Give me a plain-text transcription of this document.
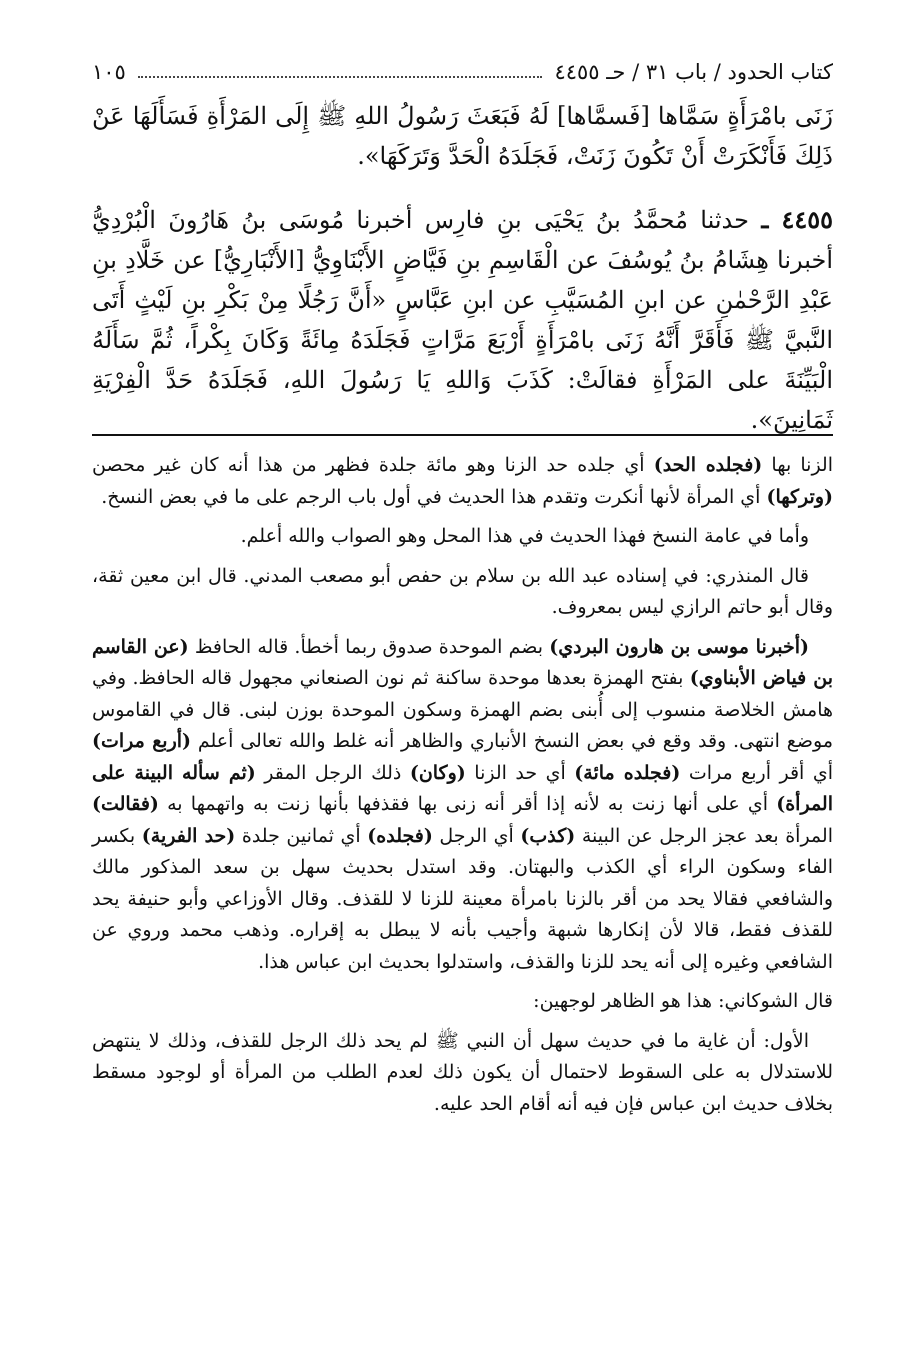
كتاب الحدود / باب ٣١ / حـ ٤٤٥٥
١٠٥

زَنَى بامْرَأَةٍ سَمَّاها [فَسمَّاها] لَهُ فَبَعَثَ رَسُولُ اللهِ ﷺ إِلَى المَرْأَةِ فَسَأَلَهَا عَنْ ذَلِكَ فَأَنْكَرَتْ أَنْ تَكُونَ زَنَتْ، فَجَلَدَهُ الْحَدَّ وَتَرَكَهَا».

٤٤٥٥ ـ حدثنا مُحمَّدُ بنُ يَحْيَى بنِ فارِس أخبرنا مُوسَى بنُ هَارُونَ الْبُرْدِيُّ أخبرنا هِشَامُ بنُ يُوسُفَ عن الْقَاسِمِ بنِ فَيَّاضٍ الأَبْنَاوِيُّ [الأَنْبَارِيُّ] عن خَلَّادِ بنِ عَبْدِ الرَّحْمٰنِ عن ابنِ المُسَيَّبِ عن ابنِ عَبَّاسٍ «أَنَّ رَجُلًا مِنْ بَكْرِ بنِ لَيْثٍ أَتَى النَّبيَّ ﷺ فَأَقَرَّ أَنَّهُ زَنَى بامْرَأَةٍ أَرْبَعَ مَرَّاتٍ فَجَلَدَهُ مِائَةً وَكَانَ بِكْراً، ثُمَّ سَأَلَهُ الْبَيِّنَةَ على المَرْأَةِ فقالَتْ: كَذَبَ وَاللهِ يَا رَسُولَ اللهِ، فَجَلَدَهُ حَدَّ الْفِرْيَةِ ثَمَانِينَ».

الزنا بها (فجلده الحد) أي جلده حد الزنا وهو مائة جلدة فظهر من هذا أنه كان غير محصن (وتركها) أي المرأة لأنها أنكرت وتقدم هذا الحديث في أول باب الرجم على ما في بعض النسخ.

وأما في عامة النسخ فهذا الحديث في هذا المحل وهو الصواب والله أعلم.

قال المنذري: في إسناده عبد الله بن سلام بن حفص أبو مصعب المدني. قال ابن معين ثقة، وقال أبو حاتم الرازي ليس بمعروف.

(أخبرنا موسى بن هارون البردي) بضم الموحدة صدوق ربما أخطأ. قاله الحافظ (عن القاسم بن فياض الأبناوي) بفتح الهمزة بعدها موحدة ساكنة ثم نون الصنعاني مجهول قاله الحافظ. وفي هامش الخلاصة منسوب إلى أُبنى بضم الهمزة وسكون الموحدة بوزن لبنى. قال في القاموس موضع انتهى. وقد وقع في بعض النسخ الأنباري والظاهر أنه غلط والله تعالى أعلم (أربع مرات) أي أقر أربع مرات (فجلده مائة) أي حد الزنا (وكان) ذلك الرجل المقر (ثم سأله البينة على المرأة) أي على أنها زنت به لأنه إذا أقر أنه زنى بها فقذفها بأنها زنت به واتهمها به (فقالت) المرأة بعد عجز الرجل عن البينة (كذب) أي الرجل (فجلده) أي ثمانين جلدة (حد الفرية) بكسر الفاء وسكون الراء أي الكذب والبهتان. وقد استدل بحديث سهل بن سعد المذكور مالك والشافعي فقالا يحد من أقر بالزنا بامرأة معينة للزنا لا للقذف. وقال الأوزاعي وأبو حنيفة يحد للقذف فقط، قالا لأن إنكارها شبهة وأجيب بأنه لا يبطل به إقراره. وذهب محمد وروي عن الشافعي وغيره إلى أنه يحد للزنا والقذف، واستدلوا بحديث ابن عباس هذا.

قال الشوكاني: هذا هو الظاهر لوجهين:

الأول: أن غاية ما في حديث سهل أن النبي ﷺ لم يحد ذلك الرجل للقذف، وذلك لا ينتهض للاستدلال به على السقوط لاحتمال أن يكون ذلك لعدم الطلب من المرأة أو لوجود مسقط بخلاف حديث ابن عباس فإن فيه أنه أقام الحد عليه.
